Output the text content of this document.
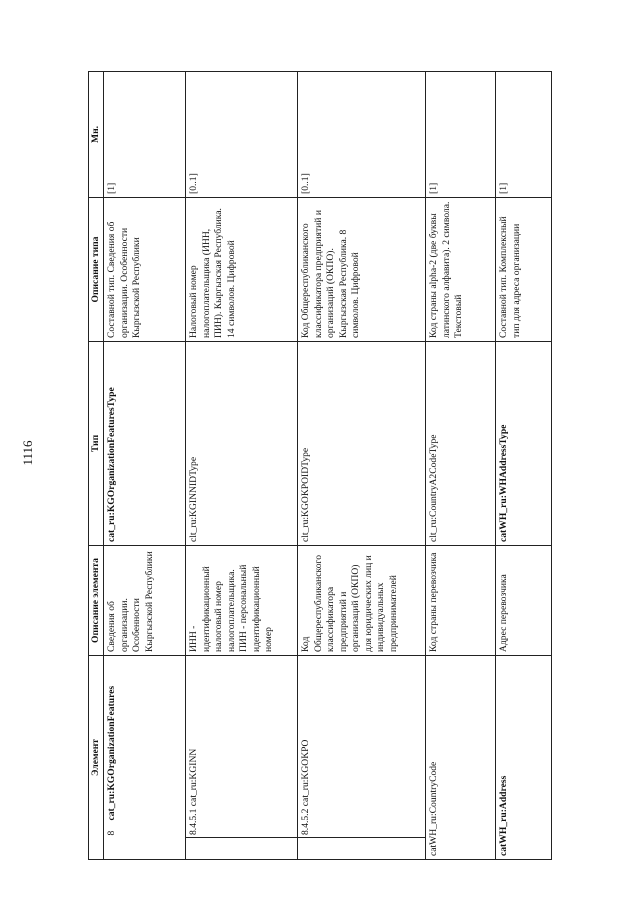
1116
Элемент			Описание элемента	Тип	Описание типа	Мн.
	8	cat_ru:KGOrganizationFeatures	Сведения об организации. Особенности Кыргызской Республики	cat_ru:KGOrganizationFeaturesType	Составной тип. Сведения об организации. Особенности Кыргызской Республики	[1]
	8.4.5.1 cat_ru:KGINN		ИНН - идентификационный налоговый номер налогоплательщика. ПИН - персональный идентификационный номер	clt_ru:KGINNIDType	Налоговый номер налогоплательщика (ИНН, ПИН). Кыргызская Республика. 14 символов. Цифровой	[0..1]
	8.4.5.2 cat_ru:KGOKPO		Код Общереспубликанского классификатора предприятий и организаций (ОКПО) для юридических лиц и индивидуальных предпринимателей	clt_ru:KGOKPOIDType	Код Общереспубликанского классификатора предприятий и организаций (ОКПО). Кыргызская Республика. 8 символов. Цифровой	[0..1]
catWH_ru:CountryCode			Код страны перевозчика	clt_ru:CountryA2CodeType	Код страны alpha-2 (две буквы латинского алфавита). 2 символа. Текстовый	[1]
catWH_ru:Address			Адрес перевозчика	catWH_ru:WHAddressType	Составной тип. Комплексный тип для адреса организации	[1]
